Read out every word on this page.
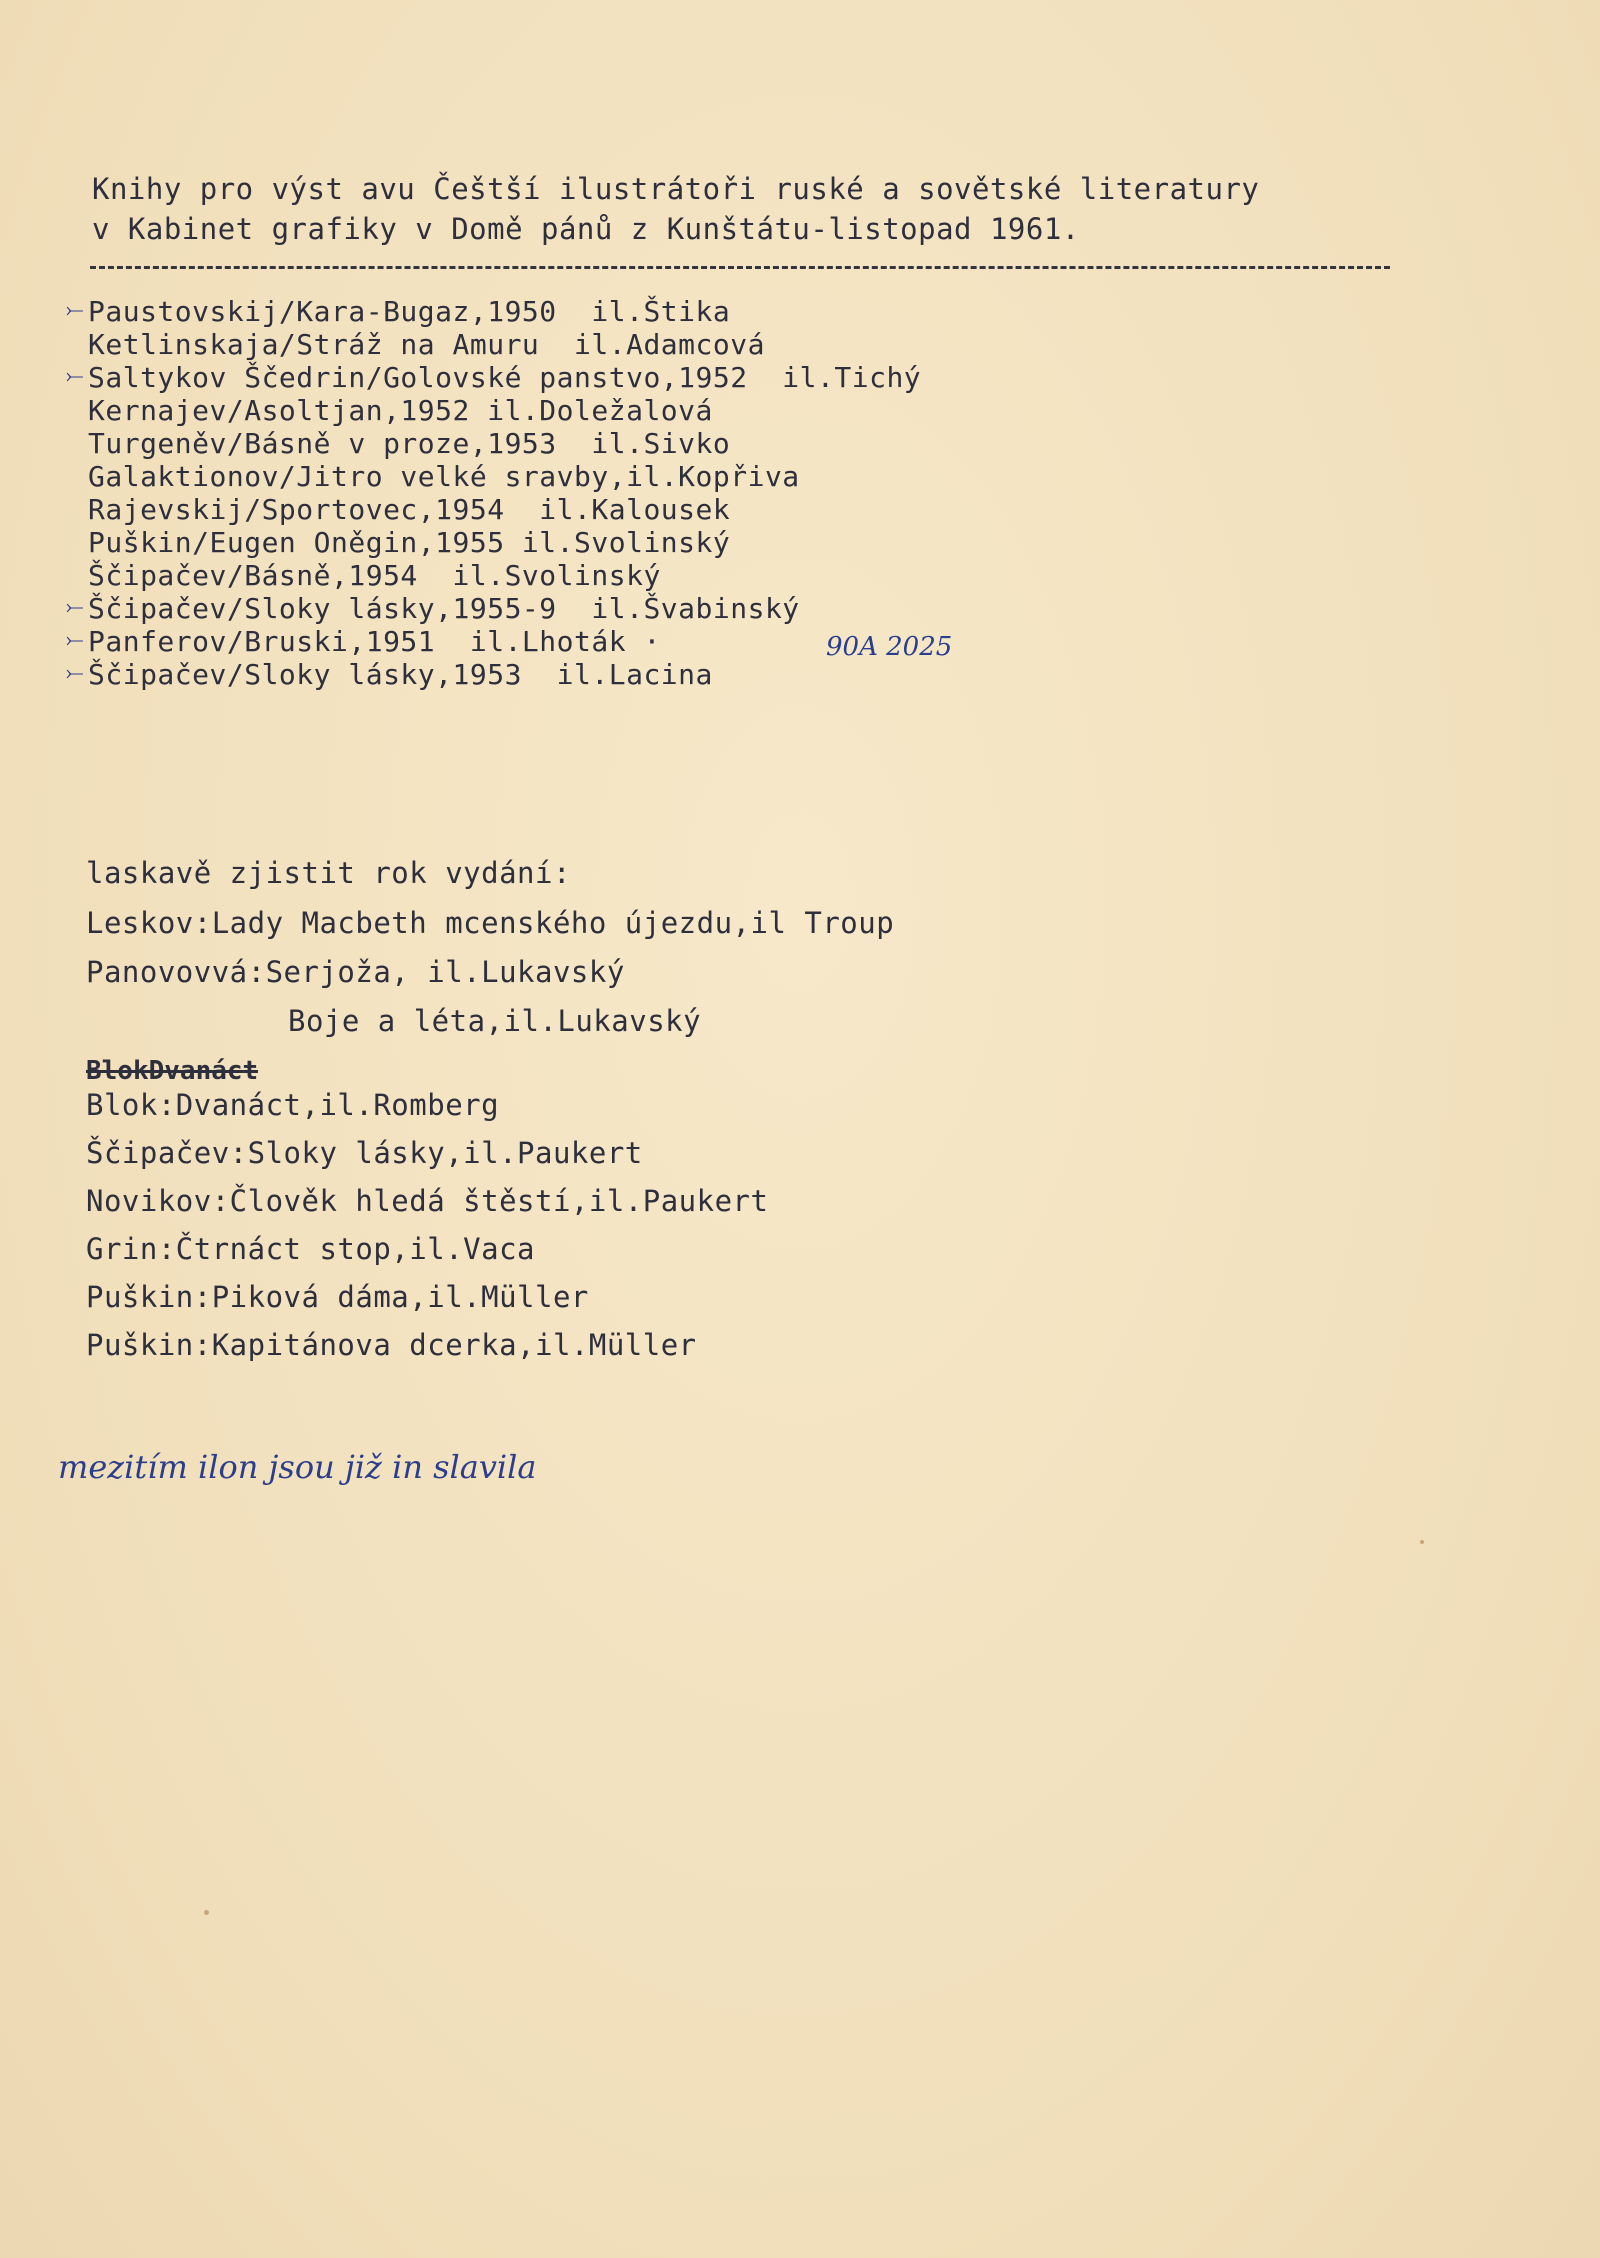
Knihy pro výst avu Češtší ilustrátoři ruské a sovětské literatury
v Kabinet grafiky v Domě pánů z Kunštátu-listopad 1961.
⤚ Paustovskij/Kara-Bugaz,1950  il.Štika
Ketlinskaja/Stráž na Amuru  il.Adamcová
⤚ Saltykov Ščedrin/Golovské panstvo,1952  il.Tichý
Kernajev/Asoltjan,1952 il.Doležalová
Turgeněv/Básně v proze,1953  il.Sivko
Galaktionov/Jitro velké sravby,il.Kopřiva
Rajevskij/Sportovec,1954  il.Kalousek
Puškin/Eugen Oněgin,1955 il.Svolinský
Ščipačev/Básně,1954  il.Svolinský
⤚ Ščipačev/Sloky lásky,1955-9  il.Švabinský
⤚ Panferov/Bruski,1951  il.Lhoták ·
⤚ Ščipačev/Sloky lásky,1953  il.Lacina
90A 2025
laskavě zjistit rok vydání:
Leskov:Lady Macbeth mcenského újezdu,il Troup
Panovovvá:Serjoža, il.Lukavský
Boje a léta,il.Lukavský
BlokDvanáct
Blok:Dvanáct,il.Romberg
Ščipačev:Sloky lásky,il.Paukert
Novikov:Člověk hledá štěstí,il.Paukert
Grin:Čtrnáct stop,il.Vaca
Puškin:Piková dáma,il.Müller
Puškin:Kapitánova dcerka,il.Müller
mezitím ilon jsou již in slavila
